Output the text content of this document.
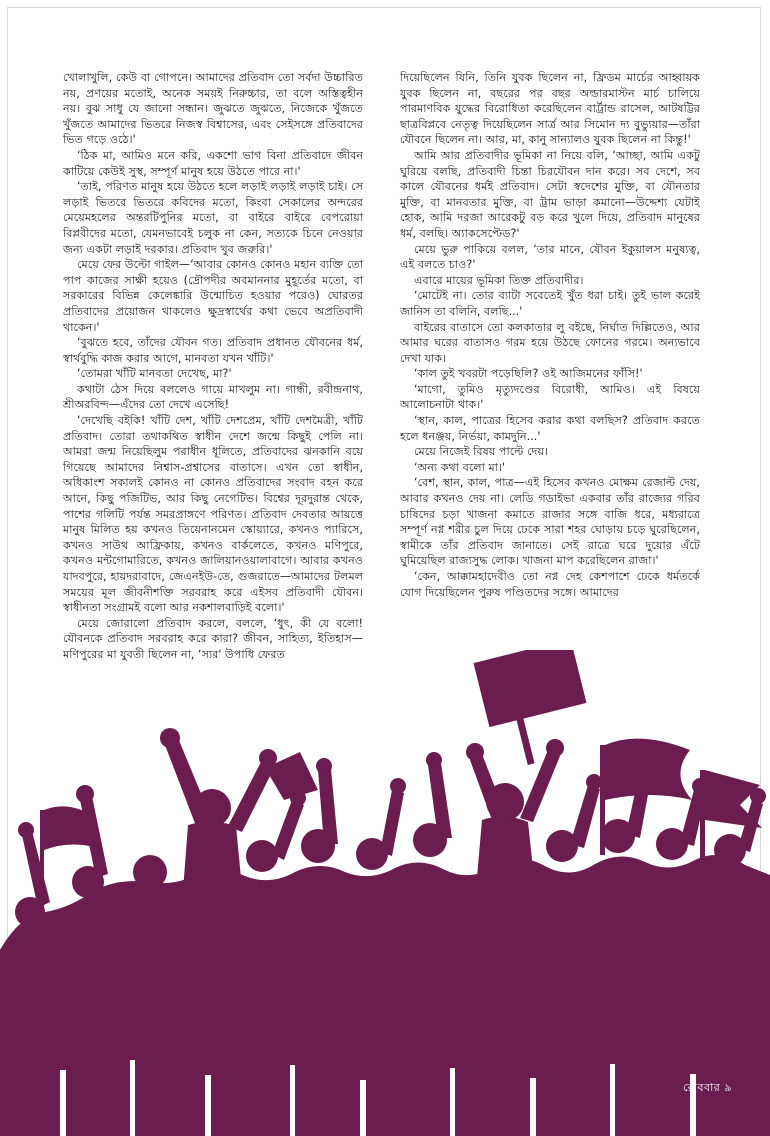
খোলাখুলি, কেউ বা গোপনে। আমাদের প্রতিবাদ তো সর্বদা উচ্চারিত নয়, প্রণয়ের মতোই, অনেক সময়ই নিরুচ্চার, তা বলে অস্তিত্বহীন নয়। বুঝ সাধু যে জানো সন্ধান। জুঝতে জুঝতে, নিজেকে খুঁজতে খুঁজতে আমাদের ভিতরে নিজস্ব বিশ্বাসের, এবং সেইসঙ্গে প্রতিবাদের ভিত গড়ে ওঠে।'

‘ঠিক মা, আমিও মনে করি, একশো ভাগ বিনা প্রতিবাদে জীবন কাটিয়ে কেউই সুস্থ, সম্পূর্ণ মানুষ হয়ে উঠতে পারে না।'

‘তাই, পরিণত মানুষ হয়ে উঠতে হলে লড়াই লড়াই লড়াই চাই। সে লড়াই ভিতরে ভিতরে কবিদের মতো, কিংবা সেকালের অন্দরের মেয়েমহলের অন্তরটিপুনির মতো, বা বাইরে বাইরে বেপরোয়া বিপ্লবীদের মতো, যেমনভাবেই চলুক না কেন, সত্যকে চিনে নেওয়ার জন্য একটা লড়াই দরকার। প্রতিবাদ খুব জরুরি।'

মেয়ে ফের উল্টো গাইল—‘আবার কোনও কোনও মহান ব্যক্তি তো পাপ কাজের সাক্ষী হয়েও (দ্রৌপদীর অবমাননার মুহূর্তের মতো, বা সরকারের বিভিন্ন কেলেঙ্কারি উন্মোচিত হওয়ার পরেও) ঘোরতর প্রতিবাদের প্রয়োজন থাকলেও ক্ষুদ্রস্বার্থের কথা ভেবে অপ্রতিবাদী থাকেন।'

‘বুঝতে হবে, তাঁদের যৌবন গত। প্রতিবাদ প্রধানত যৌবনের ধর্ম, স্বার্থবুদ্ধি কাজ করার আগে, মানবতা যখন খাঁটি।'

‘তোমরা খাঁটি মানবতা দেখেছ, মা?'

কথাটা ঠেস দিয়ে বললেও গায়ে মাখলুম না। গান্ধী, রবীন্দ্রনাথ, শ্রীঅরবিন্দ—এঁদের তো দেখে এসেছি!

‘দেখেছি বইকি! খাঁটি দেশ, খাঁটি দেশপ্রেম, খাঁটি দেশমৈত্রী, খাঁটি প্রতিবাদ। তোরা তথাকথিত স্বাধীন দেশে জন্মে কিছুই পেলি না। আমরা জন্ম নিয়েছিলুম পরাধীন ধূলিতে, প্রতিবাদের ঝনকানি বয়ে গিয়েছে আমাদের নিশ্বাস-প্রশ্বাসের বাতাসে। এখন তো স্বাধীন, অধিকাংশ সকালই কোনও না কোনও প্রতিবাদের সংবাদ বহন করে আনে, কিছু পজিটিভ, আর কিছু নেগেটিভ। বিশ্বের দূরদুরান্ত থেকে, পাশের গলিটি পর্যন্ত সমরপ্রাঙ্গণে পরিণত। প্রতিবাদ দেবতার আয়ত্তে মানুষ মিলিত হয় কখনও তিয়েনানমেন স্কোয়্যারে, কখনও প্যারিসে, কখনও সাউথ আফ্রিকায়, কখনও বার্কলেতে, কখনও মণিপুরে, কখনও মন্টগোমারিতে, কখনও জালিয়ানওয়ালাবাগে। আবার কখনও যাদবপুরে, হায়দরাবাদে, জেএনইউ-তে, গুজরাতে—আমাদের টলমল সময়ের মূল জীবনীশক্তি সরবরাহ করে এইসব প্রতিবাদী যৌবন। স্বাধীনতা সংগ্রামই বলো আর নকশালবাড়িই বলো।'

মেয়ে জোরালো প্রতিবাদ করলে, বললে, ‘ধুৎ, কী যে বলো! যৌবনকে প্রতিবাদ সরবরাহ করে কারা? জীবন, সাহিত্য, ইতিহাস—মণিপুরের মা যুবতী ছিলেন না, ‘স্যর' উপাধি ফেরত

দিয়েছিলেন যিনি, তিনি যুবক ছিলেন না, ফ্রিডম মার্চের আহ্বায়ক যুবক ছিলেন না, বছরের পর বছর অল্ডারমাস্টন মার্চ চালিয়ে পারমাণবিক যুদ্ধের বিরোধিতা করেছিলেন বার্ট্রান্ড রাসেল, আটষট্টির ছাত্রবিপ্লবে নেতৃত্ব দিয়েছিলেন সার্ত্র আর সিমোন দ্য বুভ্যুয়ার—তাঁরা যৌবনে ছিলেন না। আর, মা, কানু সান্যালও যুবক ছিলেন না কিন্তু!'

আমি আর প্রতিবাদীর ভূমিকা না নিয়ে বলি, ‘আচ্ছা, আমি একটু ঘুরিয়ে বলছি, প্রতিবাদী চিন্তা চিরযৌবন দান করে। সব দেশে, সব কালে যৌবনের ধর্মই প্রতিবাদ। সেটা স্বদেশের মুক্তি, বা যৌনতার মুক্তি, বা মানবতার মুক্তি, বা ট্রাম ভাড়া কমানো—উদ্দেশ্য যেটাই হোক, আমি দরজা আরেকটু বড় করে খুলে দিয়ে, প্রতিবাদ মানুষের ধর্ম, বলছি। অ্যাকসেপ্টেড?'

মেয়ে ভুরু পাকিয়ে বলল, ‘তার মানে, যৌবন ইকুয়ালস মনুষ্যত্ব, এই বলতে চাও?'

এবারে মায়ের ভূমিকা তিক্ত প্রতিবাদীর।

‘মোটেই না। তোর ব্যাটা সবেতেই খুঁত ধরা চাই। তুই ভাল করেই জানিস তা বলিনি, বলছি...'

বাইরের বাতাসে তো কলকাতার লু বইছে, নির্ঘাত দিল্লিতেও, আর আমার ঘরের বাতাসও গরম হয়ে উঠছে ফোনের গরমে। অন্যভাবে দেখা যাক।

‘কাল তুই খবরটা পড়েছিলি? ওই আজিমনের ফাঁসি!'

‘মাগো, তুমিও মৃত্যুদণ্ডের বিরোধী, আমিও। এই বিষয়ে আলোচনাটা থাক।'

‘স্থান, কাল, পাত্রের হিসেব করার কথা বলছিস? প্রতিবাদ করতে হলে ধনঞ্জয়, নির্ভয়া, কামদুনি...'

মেয়ে নিজেই বিষয় পাল্টে দেয়।

‘অন্য কথা বলো মা।'

‘বেশ, স্থান, কাল, পাত্র—এই হিসেব কখনও মোক্ষম রেজাল্ট দেয়, আবার কখনও দেয় না। লেডি গডাইভা একবার তাঁর রাজ্যের গরিব চাষিদের চড়া খাজনা কমাতে রাজার সঙ্গে বাজি ধরে, মধ্যরাত্রে সম্পূর্ণ নগ্ন শরীর চুল দিয়ে ঢেকে সারা শহর ঘোড়ায় চড়ে ঘুরেছিলেন, স্বামীকে তাঁর প্রতিবাদ জানাতে। সেই রাত্রে ঘরে দুয়োর এঁটে ঘুমিয়েছিল রাজ্যসুদ্ধ লোক। খাজনা মাপ করেছিলেন রাজা।'

‘কেন, আক্কামহাদেবীও তো নগ্ন দেহ কেশপাশে ঢেকে ধর্মতর্কে যোগ দিয়েছিলেন পুরুষ পণ্ডিতদের সঙ্গে। আমাদের

রোববার ৯
